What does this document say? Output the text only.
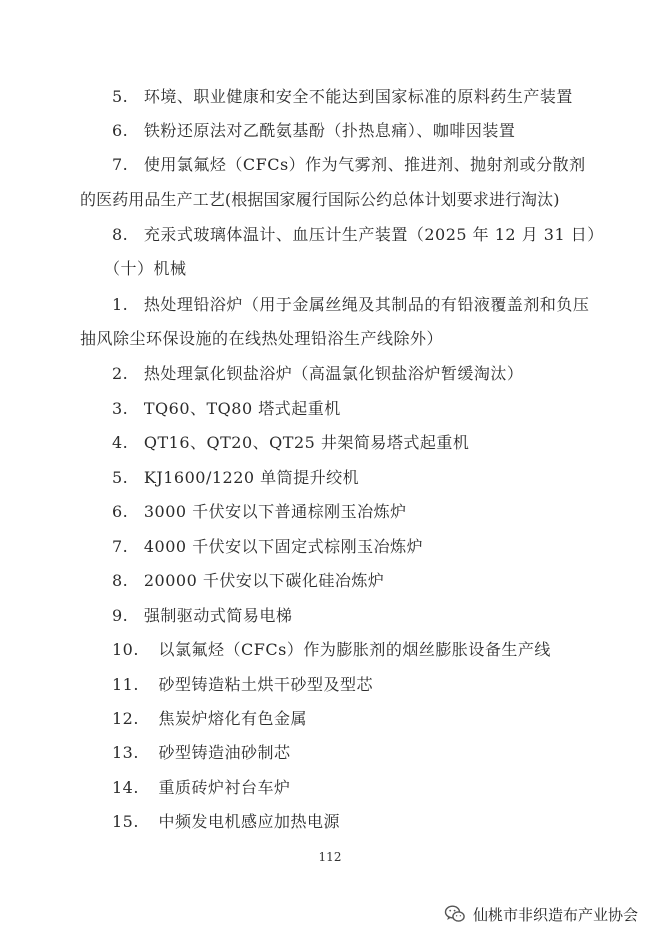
5. 环境、职业健康和安全不能达到国家标准的原料药生产装置
6. 铁粉还原法对乙酰氨基酚（扑热息痛）、咖啡因装置
7. 使用氯氟烃（CFCs）作为气雾剂、推进剂、抛射剂或分散剂
的医药用品生产工艺(根据国家履行国际公约总体计划要求进行淘汰)
8. 充汞式玻璃体温计、血压计生产装置（2025 年 12 月 31 日）
（十）机械
1. 热处理铅浴炉（用于金属丝绳及其制品的有铅液覆盖剂和负压
抽风除尘环保设施的在线热处理铅浴生产线除外）
2. 热处理氯化钡盐浴炉（高温氯化钡盐浴炉暂缓淘汰）
3. TQ60、TQ80 塔式起重机
4. QT16、QT20、QT25 井架简易塔式起重机
5. KJ1600/1220 单筒提升绞机
6. 3000 千伏安以下普通棕刚玉冶炼炉
7. 4000 千伏安以下固定式棕刚玉冶炼炉
8. 20000 千伏安以下碳化硅冶炼炉
9. 强制驱动式简易电梯
10. 以氯氟烃（CFCs）作为膨胀剂的烟丝膨胀设备生产线
11. 砂型铸造粘土烘干砂型及型芯
12. 焦炭炉熔化有色金属
13. 砂型铸造油砂制芯
14. 重质砖炉衬台车炉
15. 中频发电机感应加热电源
112
仙桃市非织造布产业协会
